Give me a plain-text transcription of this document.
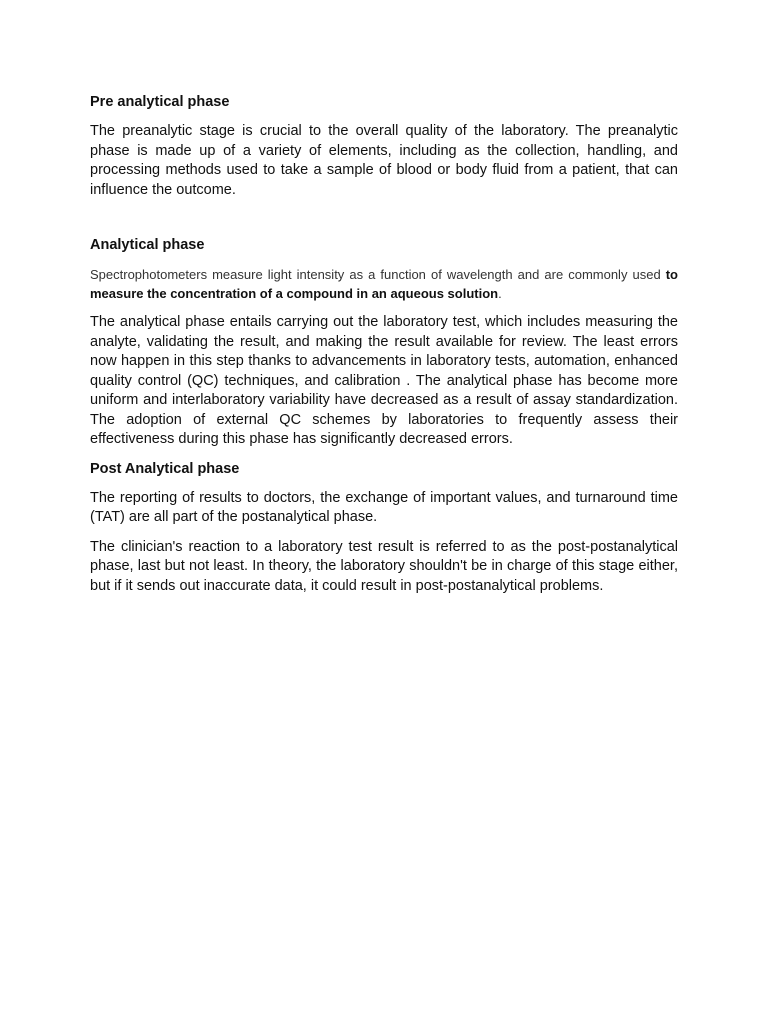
Pre analytical phase

The preanalytic stage is crucial to the overall quality of the laboratory. The preanalytic phase is made up of a variety of elements, including as the collection, handling, and processing methods used to take a sample of blood or body fluid from a patient, that can influence the outcome.

Analytical phase

Spectrophotometers measure light intensity as a function of wavelength and are commonly used to measure the concentration of a compound in an aqueous solution.

The analytical phase entails carrying out the laboratory test, which includes measuring the analyte, validating the result, and making the result available for review. The least errors now happen in this step thanks to advancements in laboratory tests, automation, enhanced quality control (QC) techniques, and calibration . The analytical phase has become more uniform and interlaboratory variability have decreased as a result of assay standardization. The adoption of external QC schemes by laboratories to frequently assess their effectiveness during this phase has significantly decreased errors.

Post Analytical phase

The reporting of results to doctors, the exchange of important values, and turnaround time (TAT) are all part of the postanalytical phase.

The clinician's reaction to a laboratory test result is referred to as the post-postanalytical phase, last but not least. In theory, the laboratory shouldn't be in charge of this stage either, but if it sends out inaccurate data, it could result in post-postanalytical problems.
